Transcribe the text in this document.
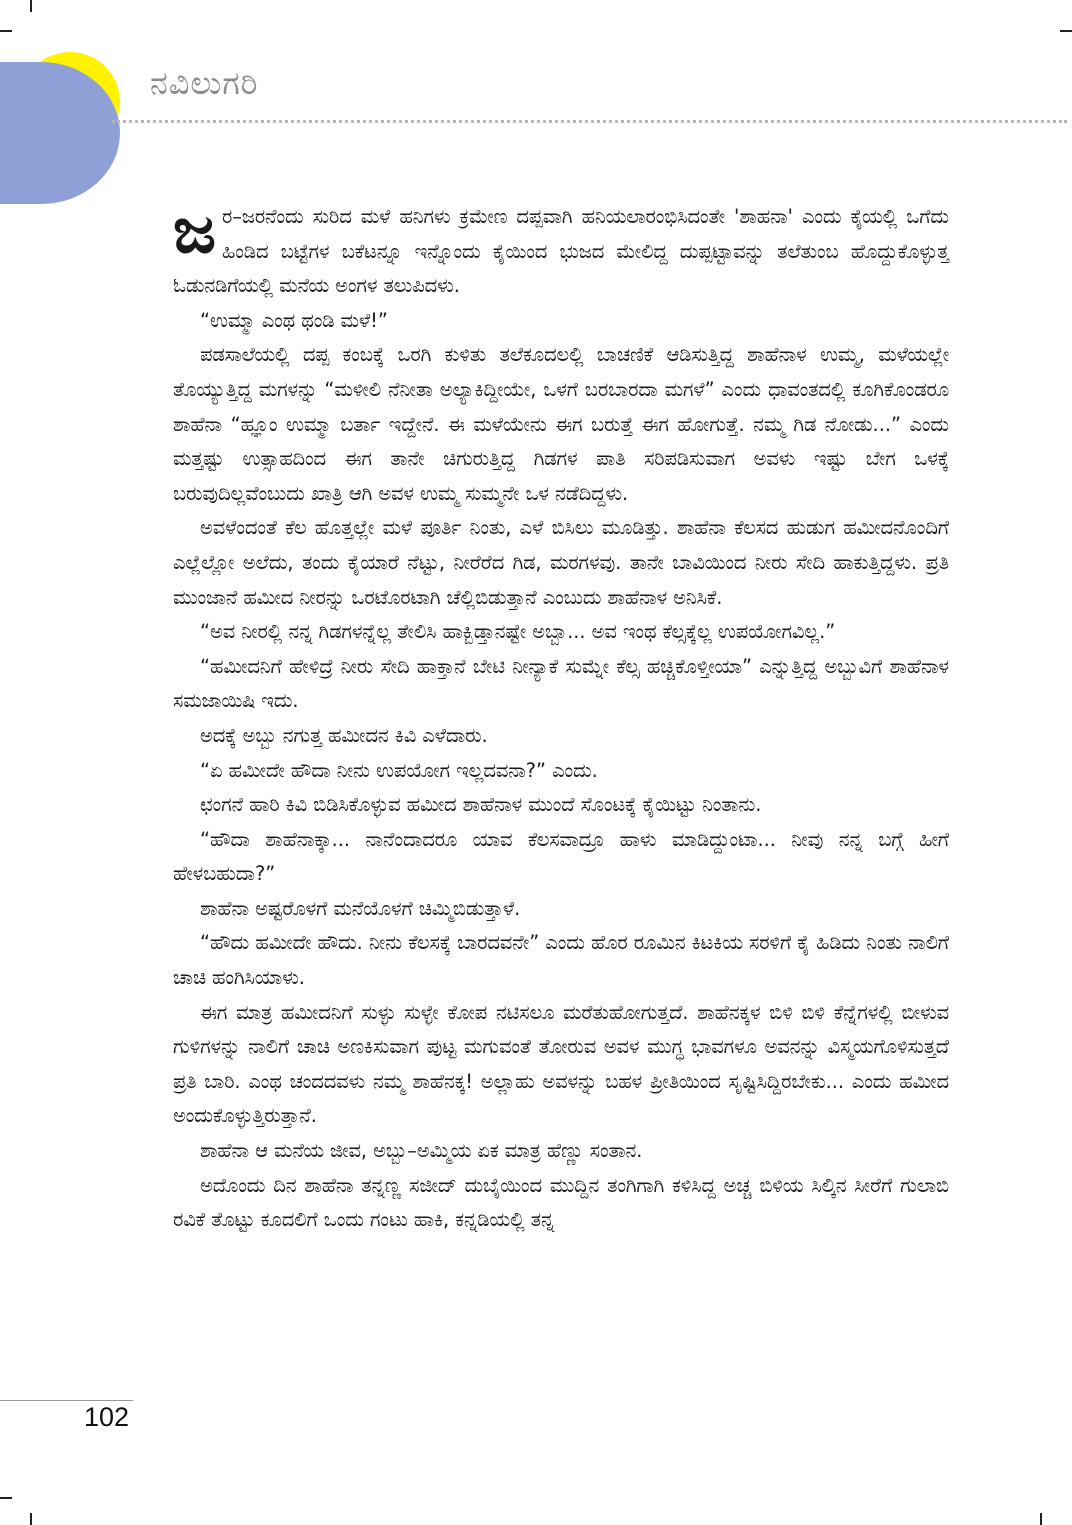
ನವಿಲುಗರಿ

ಜರ–ಜರನೆಂದು ಸುರಿದ ಮಳೆ ಹನಿಗಳು ಕ್ರಮೇಣ ದಪ್ಪವಾಗಿ ಹನಿಯಲಾರಂಭಿಸಿದಂತೇ 'ಶಾಹನಾ' ಎಂದು ಕೈಯಲ್ಲಿ ಒಗೆದು ಹಿಂಡಿದ ಬಟ್ಟೆಗಳ ಬಕೆಟನ್ನೂ ಇನ್ನೊಂದು ಕೈಯಿಂದ ಭುಜದ ಮೇಲಿದ್ದ ದುಪ್ಪಟ್ಟಾವನ್ನು ತಲೆತುಂಬ ಹೊದ್ದುಕೊಳ್ಳುತ್ತ ಓಡುನಡಿಗೆಯಲ್ಲಿ ಮನೆಯ ಅಂಗಳ ತಲುಪಿದಳು.

“ಉಮ್ಮಾ ಎಂಥ ಥಂಡಿ ಮಳೆ!”

ಪಡಸಾಲೆಯಲ್ಲಿ ದಪ್ಪ ಕಂಬಕ್ಕೆ ಒರಗಿ ಕುಳಿತು ತಲೆಕೂದಲಲ್ಲಿ ಬಾಚಣಿಕೆ ಆಡಿಸುತ್ತಿದ್ದ ಶಾಹೆನಾಳ ಉಮ್ಮ, ಮಳೆಯಲ್ಲೇ ತೊಯ್ಯುತ್ತಿದ್ದ ಮಗಳನ್ನು “ಮಳೀಲಿ ನೆನೀತಾ ಅಲ್ಯಾಕಿದ್ದೀಯೇ, ಒಳಗೆ ಬರಬಾರದಾ ಮಗಳೆ” ಎಂದು ಧಾವಂತದಲ್ಲಿ ಕೂಗಿಕೊಂಡರೂ ಶಾಹೆನಾ “ಹ್ಞೂಂ ಉಮ್ಮಾ ಬರ್ತಾ ಇದ್ದೇನೆ. ಈ ಮಳೆಯೇನು ಈಗ ಬರುತ್ತೆ ಈಗ ಹೋಗುತ್ತೆ. ನಮ್ಮ ಗಿಡ ನೋಡು...” ಎಂದು ಮತ್ತಷ್ಟು ಉತ್ಸಾಹದಿಂದ ಈಗ ತಾನೇ ಚಿಗುರುತ್ತಿದ್ದ ಗಿಡಗಳ ಪಾತಿ ಸರಿಪಡಿಸುವಾಗ ಅವಳು ಇಷ್ಟು ಬೇಗ ಒಳಕ್ಕೆ ಬರುವುದಿಲ್ಲವೆಂಬುದು ಖಾತ್ರಿ ಆಗಿ ಅವಳ ಉಮ್ಮ ಸುಮ್ಮನೇ ಒಳ ನಡೆದಿದ್ದಳು.

ಅವಳೆಂದಂತೆ ಕೆಲ ಹೊತ್ತಲ್ಲೇ ಮಳೆ ಪೂರ್ತಿ ನಿಂತು, ಎಳೆ ಬಿಸಿಲು ಮೂಡಿತ್ತು. ಶಾಹೆನಾ ಕೆಲಸದ ಹುಡುಗ ಹಮೀದನೊಂದಿಗೆ ಎಲ್ಲೆಲ್ಲೋ ಅಲೆದು, ತಂದು ಕೈಯಾರೆ ನೆಟ್ಟು, ನೀರೆರೆದ ಗಿಡ, ಮರಗಳವು. ತಾನೇ ಬಾವಿಯಿಂದ ನೀರು ಸೇದಿ ಹಾಕುತ್ತಿದ್ದಳು. ಪ್ರತಿ ಮುಂಜಾನೆ ಹಮೀದ ನೀರನ್ನು ಒರಟೊರಟಾಗಿ ಚೆಲ್ಲಿಬಿಡುತ್ತಾನೆ ಎಂಬುದು ಶಾಹೆನಾಳ ಅನಿಸಿಕೆ.

“ಅವ ನೀರಲ್ಲಿ ನನ್ನ ಗಿಡಗಳನ್ನೆಲ್ಲ ತೇಲಿಸಿ ಹಾಕ್ಬಿಡ್ತಾನಷ್ಟೇ ಅಬ್ಬಾ... ಅವ ಇಂಥ ಕೆಲ್ಸಕ್ಕೆಲ್ಲ ಉಪಯೋಗವಿಲ್ಲ.”

“ಹಮೀದನಿಗೆ ಹೇಳಿದ್ರೆ ನೀರು ಸೇದಿ ಹಾಕ್ತಾನೆ ಬೇಟಿ ನೀನ್ಯಾಕೆ ಸುಮ್ನೇ ಕೆಲ್ಸ ಹಚ್ಚಿಕೊಳ್ತೀಯಾ” ಎನ್ನುತ್ತಿದ್ದ ಅಬ್ಬುವಿಗೆ ಶಾಹೆನಾಳ ಸಮಜಾಯಿಷಿ ಇದು.

ಅದಕ್ಕೆ ಅಬ್ಬು ನಗುತ್ತ ಹಮೀದನ ಕಿವಿ ಎಳೆದಾರು.

“ಏ ಹಮೀದೇ ಹೌದಾ ನೀನು ಉಪಯೋಗ ಇಲ್ಲದವನಾ?” ಎಂದು.

ಛಂಗನೆ ಹಾರಿ ಕಿವಿ ಬಿಡಿಸಿಕೊಳ್ಳುವ ಹಮೀದ ಶಾಹೆನಾಳ ಮುಂದೆ ಸೊಂಟಕ್ಕೆ ಕೈಯಿಟ್ಟು ನಿಂತಾನು.

“ಹೌದಾ ಶಾಹೆನಾಕ್ಕಾ... ನಾನೆಂದಾದರೂ ಯಾವ ಕೆಲಸವಾದ್ರೂ ಹಾಳು ಮಾಡಿದ್ದುಂಟಾ... ನೀವು ನನ್ನ ಬಗ್ಗೆ ಹೀಗೆ ಹೇಳಬಹುದಾ?”

ಶಾಹೆನಾ ಅಷ್ಟರೊಳಗೆ ಮನೆಯೊಳಗೆ ಚಿಮ್ಮಿಬಿಡುತ್ತಾಳೆ.

“ಹೌದು ಹಮೀದೇ ಹೌದು. ನೀನು ಕೆಲಸಕ್ಕೆ ಬಾರದವನೇ” ಎಂದು ಹೊರ ರೂಮಿನ ಕಿಟಕಿಯ ಸರಳಿಗೆ ಕೈ ಹಿಡಿದು ನಿಂತು ನಾಲಿಗೆ ಚಾಚಿ ಹಂಗಿಸಿಯಾಳು.

ಈಗ ಮಾತ್ರ ಹಮೀದನಿಗೆ ಸುಳ್ಳು ಸುಳ್ಳೇ ಕೋಪ ನಟಿಸಲೂ ಮರೆತುಹೋಗುತ್ತದೆ. ಶಾಹೆನಕ್ಕಳ ಬಿಳಿ ಬಿಳಿ ಕೆನ್ನೆಗಳಲ್ಲಿ ಬೀಳುವ ಗುಳಿಗಳನ್ನು ನಾಲಿಗೆ ಚಾಚಿ ಅಣಕಿಸುವಾಗ ಪುಟ್ಟ ಮಗುವಂತೆ ತೋರುವ ಅವಳ ಮುಗ್ಧ ಭಾವಗಳೂ ಅವನನ್ನು ವಿಸ್ಮಯಗೊಳಿಸುತ್ತದೆ ಪ್ರತಿ ಬಾರಿ. ಎಂಥ ಚಂದದವಳು ನಮ್ಮ ಶಾಹೆನಕ್ಕ! ಅಲ್ಲಾಹು ಅವಳನ್ನು ಬಹಳ ಪ್ರೀತಿಯಿಂದ ಸೃಷ್ಟಿಸಿದ್ದಿರಬೇಕು... ಎಂದು ಹಮೀದ ಅಂದುಕೊಳ್ಳುತ್ತಿರುತ್ತಾನೆ.

ಶಾಹೆನಾ ಆ ಮನೆಯ ಜೀವ, ಅಬ್ಬು–ಅಮ್ಮಿಯ ಏಕ ಮಾತ್ರ ಹೆಣ್ಣು ಸಂತಾನ.

ಅದೊಂದು ದಿನ ಶಾಹೆನಾ ತನ್ನಣ್ಣ ಸಜೀದ್ ದುಬೈಯಿಂದ ಮುದ್ದಿನ ತಂಗಿಗಾಗಿ ಕಳಿಸಿದ್ದ ಅಚ್ಚ ಬಿಳಿಯ ಸಿಲ್ಕಿನ ಸೀರೆಗೆ ಗುಲಾಬಿ ರವಿಕೆ ತೊಟ್ಟು ಕೂದಲಿಗೆ ಒಂದು ಗಂಟು ಹಾಕಿ, ಕನ್ನಡಿಯಲ್ಲಿ ತನ್ನ

102
